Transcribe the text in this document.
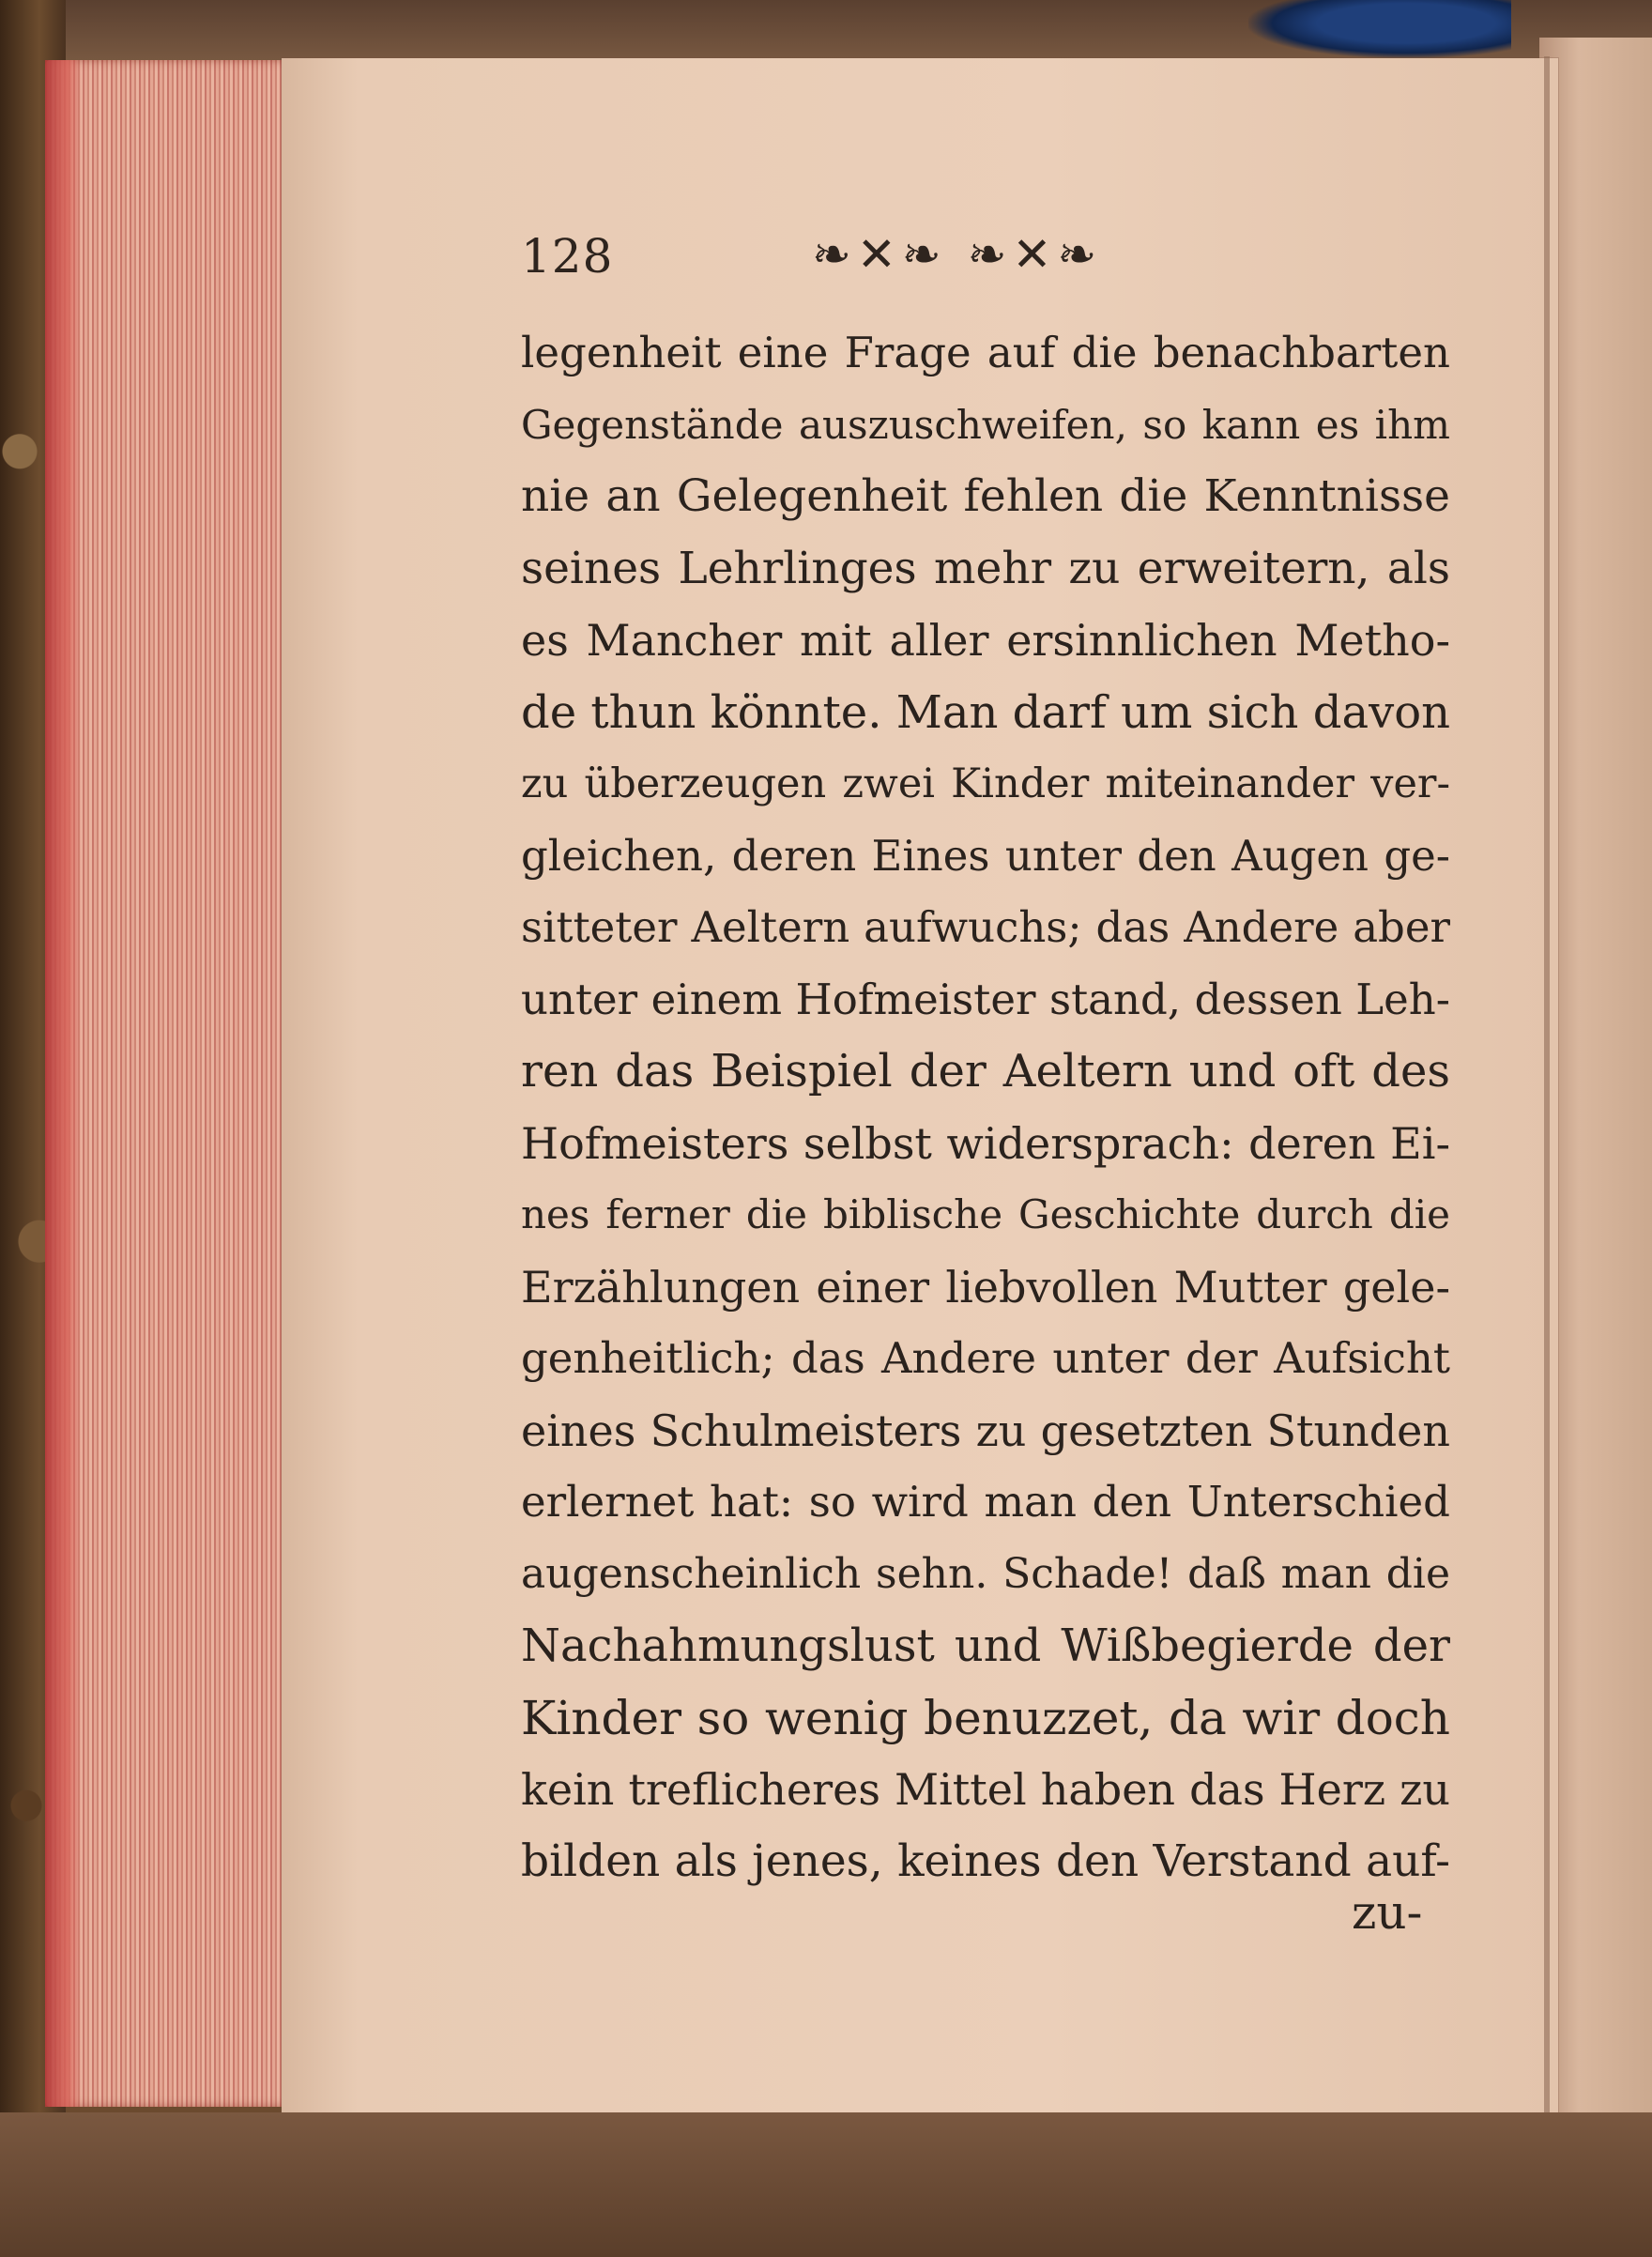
128	❧✕❧ ❧✕❧
legenheit eine Frage auf die benachbarten
Gegenstände auszuschweifen, so kann es ihm
nie an Gelegenheit fehlen die Kenntnisse
seines Lehrlinges mehr zu erweitern, als
es Mancher mit aller ersinnlichen Metho-
de thun könnte. Man darf um sich davon
zu überzeugen zwei Kinder miteinander ver-
gleichen, deren Eines unter den Augen ge-
sitteter Aeltern aufwuchs; das Andere aber
unter einem Hofmeister stand, dessen Leh-
ren das Beispiel der Aeltern und oft des
Hofmeisters selbst widersprach: deren Ei-
nes ferner die biblische Geschichte durch die
Erzählungen einer liebvollen Mutter gele-
genheitlich; das Andere unter der Aufsicht
eines Schulmeisters zu gesetzten Stunden
erlernet hat: so wird man den Unterschied
augenscheinlich sehn. Schade! daß man die
Nachahmungslust und Wißbegierde der
Kinder so wenig benuzzet, da wir doch
kein treflicheres Mittel haben das Herz zu
bilden als jenes, keines den Verstand auf-
zu-
